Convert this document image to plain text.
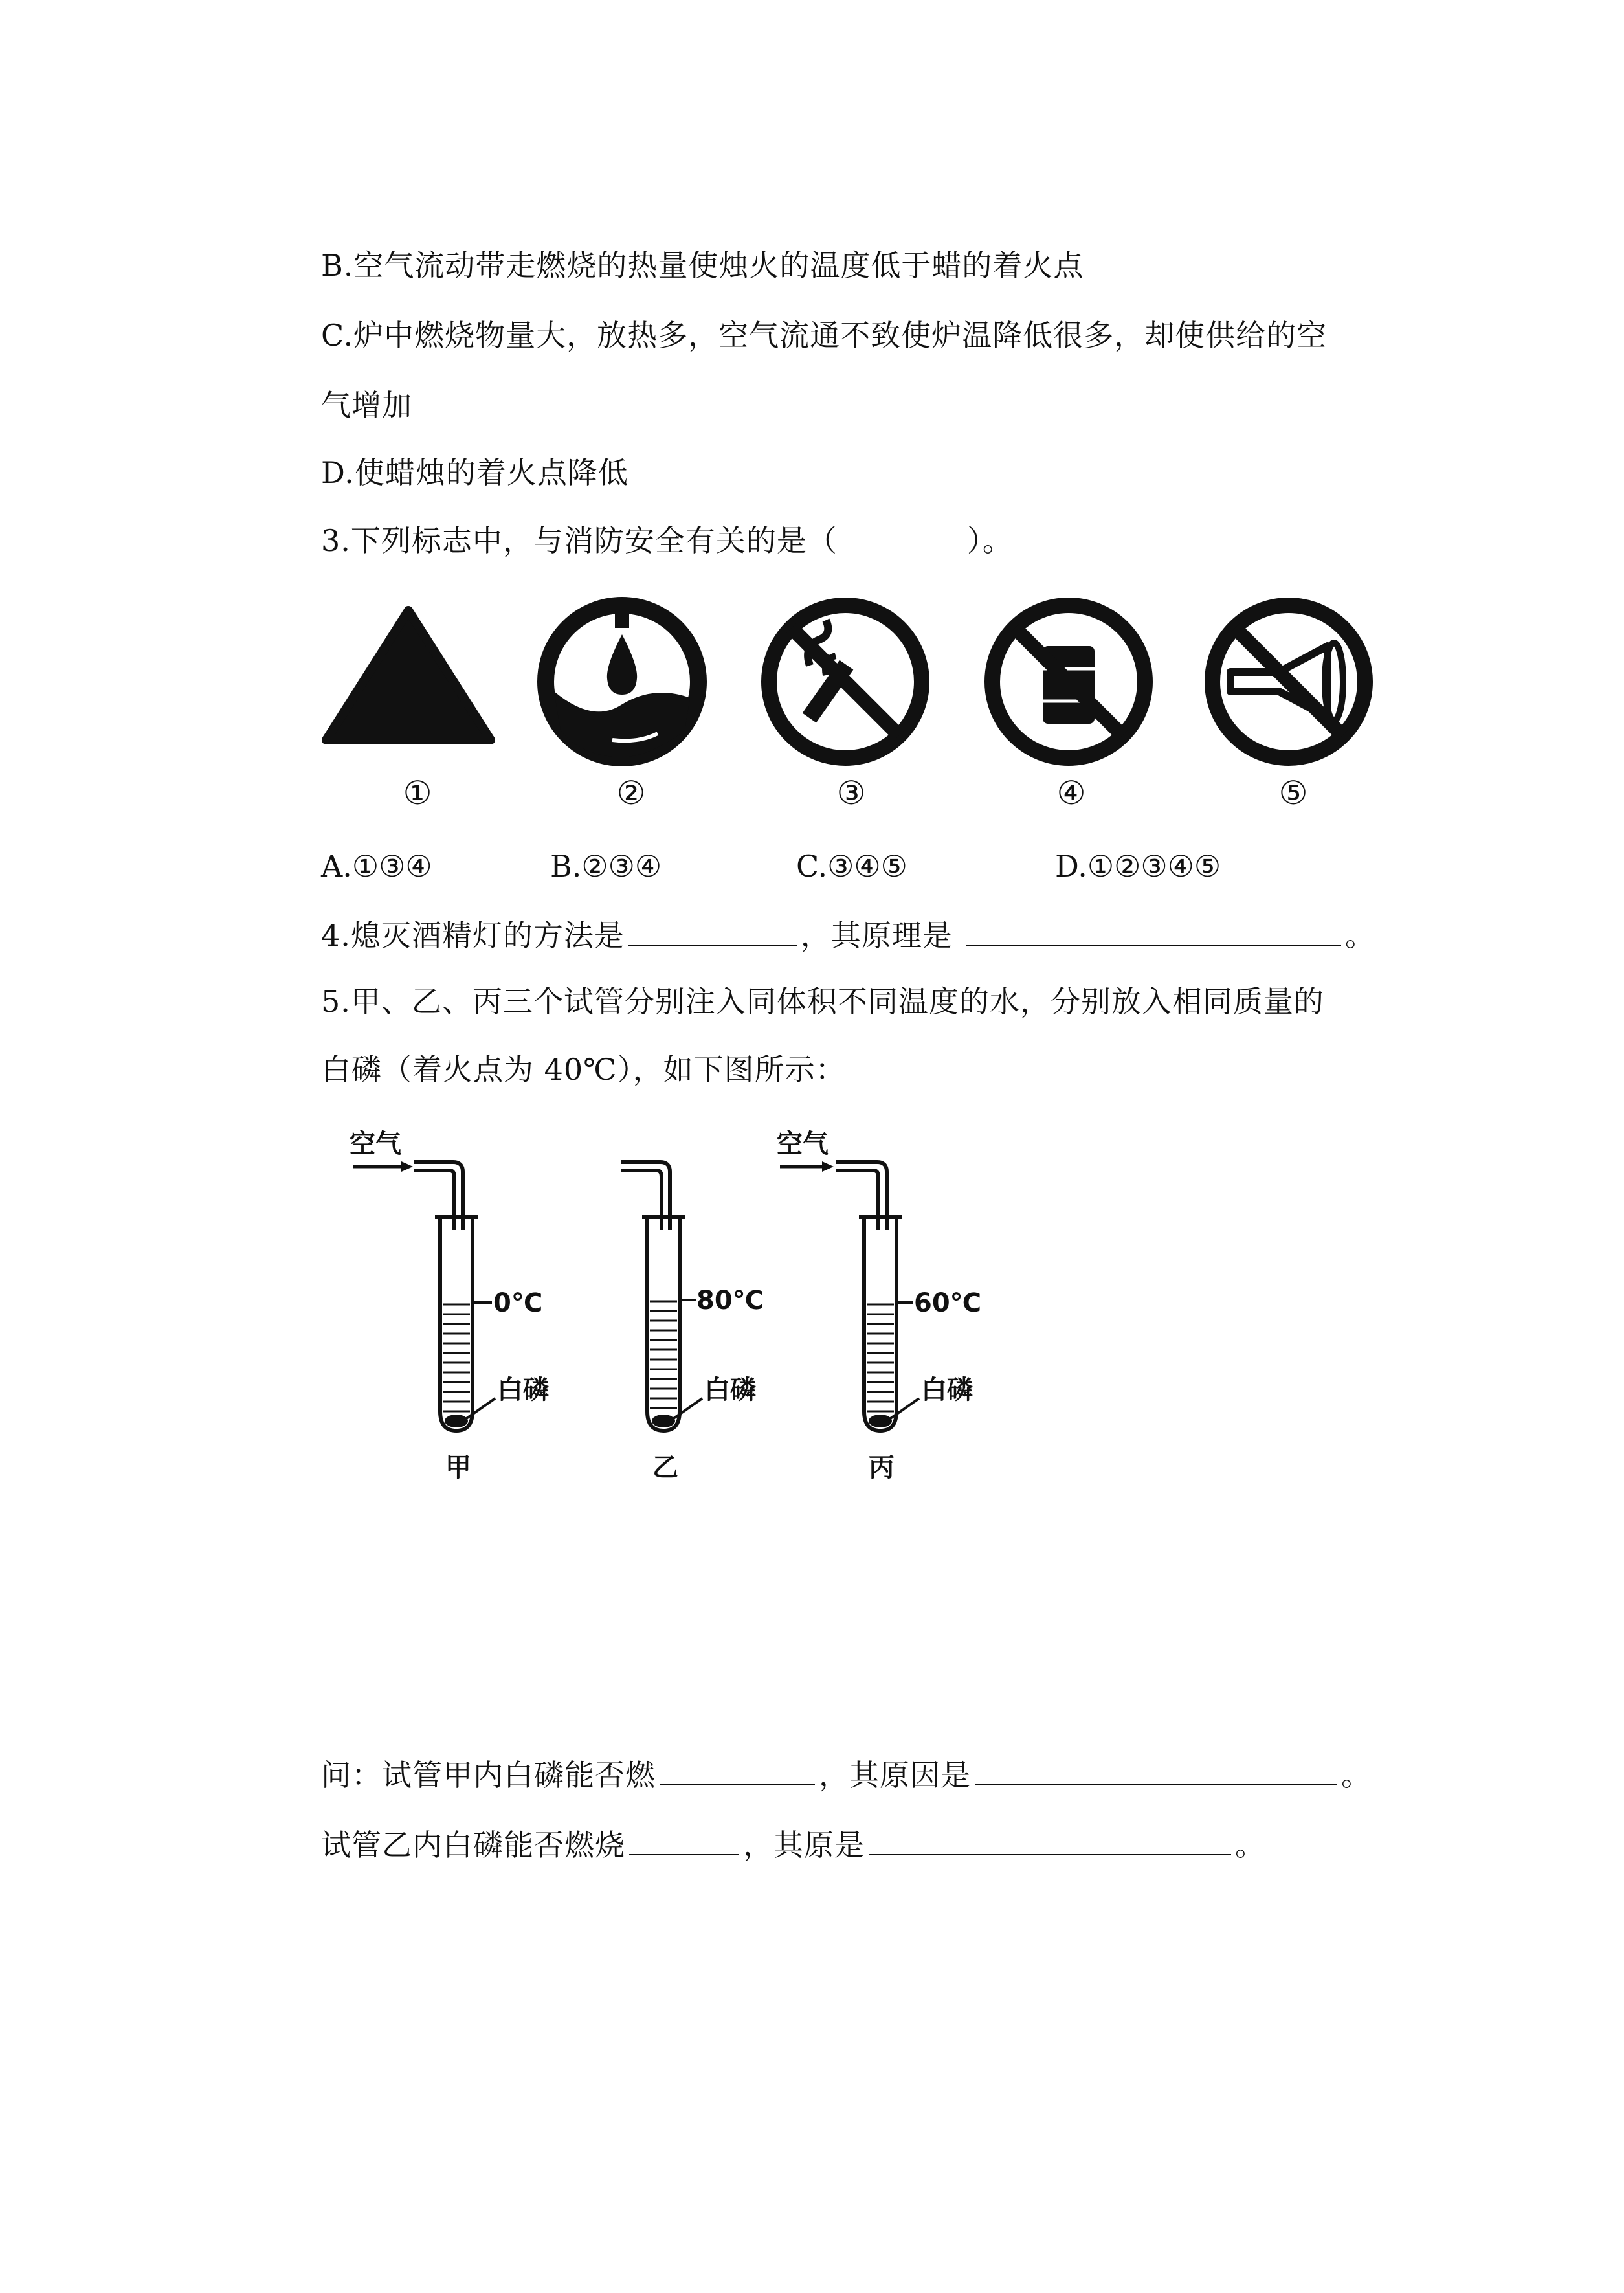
B.空气流动带走燃烧的热量使烛火的温度低于蜡的着火点
C.炉中燃烧物量大，放热多，空气流通不致使炉温降低很多，却使供给的空
气增加
D.使蜡烛的着火点降低
3.下列标志中，与消防安全有关的是（	）。
①	②	③	④	⑤
A.①③④	B.②③④	C.③④⑤	D.①②③④⑤
4.熄灭酒精灯的方法是	，其原理是	。
5.甲、乙、丙三个试管分别注入同体积不同温度的水，分别放入相同质量的
白磷（着火点为 40℃），如下图所示：
空气
0℃
白磷
甲
80℃
白磷
乙
空气
60℃
白磷
丙
问：试管甲内白磷能否燃	，其原因是	。
试管乙内白磷能否燃烧	，其原是	。
